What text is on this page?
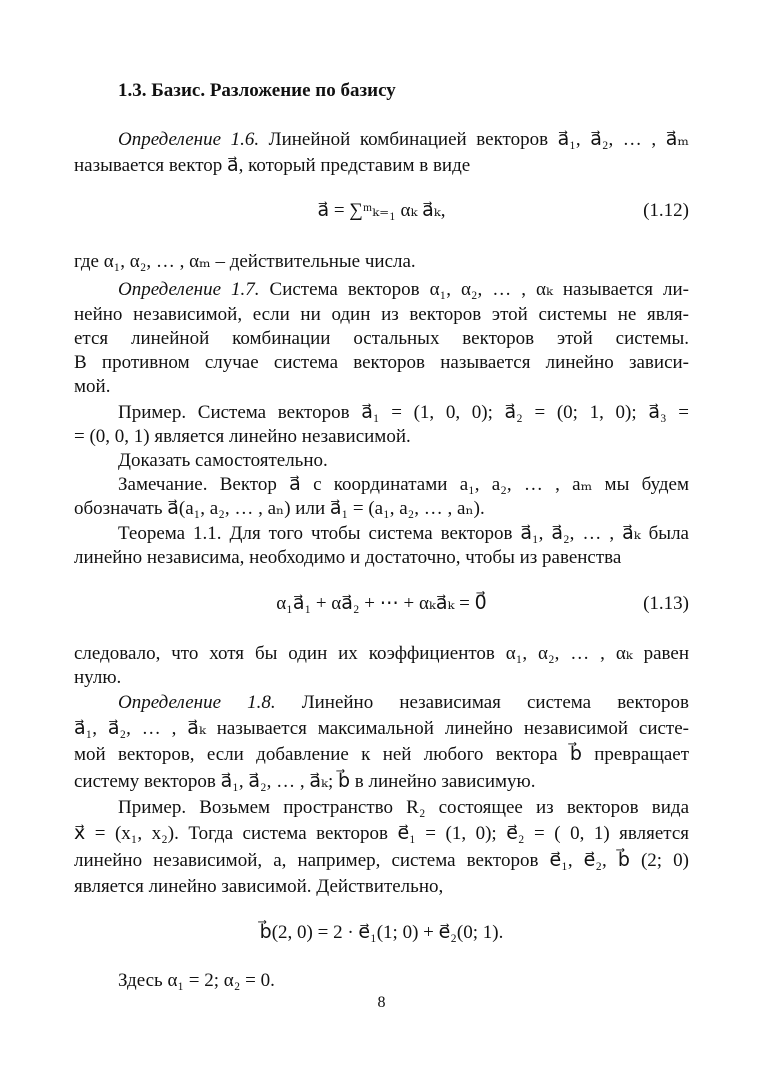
1.3. Базис. Разложение по базису
Определение 1.6. Линейной комбинацией векторов a⃗₁, a⃗₂, … , a⃗ₘ
называется вектор a⃗, который представим в виде
a⃗ = ∑ᵐₖ₌₁ αₖ a⃗ₖ,	(1.12)
где α₁, α₂, … , αₘ – действительные числа.
Определение 1.7. Система векторов α₁, α₂, … , αₖ называется ли-
нейно независимой, если ни один из векторов этой системы не явля-
ется линейной комбинации остальных векторов этой системы.
В противном случае система векторов называется линейно зависи-
мой.
Пример. Система векторов a⃗₁ = (1, 0, 0); a⃗₂ = (0; 1, 0); a⃗₃ =
= (0, 0, 1) является линейно независимой.
Доказать самостоятельно.
Замечание. Вектор a⃗ с координатами a₁, a₂, … , aₘ мы будем
обозначать a⃗(a₁, a₂, … , aₙ) или a⃗₁ = (a₁, a₂, … , aₙ).
Теорема 1.1. Для того чтобы система векторов a⃗₁, a⃗₂, … , a⃗ₖ была
линейно независима, необходимо и достаточно, чтобы из равенства
α₁a⃗₁ + αa⃗₂ + ⋯ + αₖa⃗ₖ = 0⃗	(1.13)
следовало, что хотя бы один их коэффициентов α₁, α₂, … , αₖ равен
нулю.
Определение 1.8. Линейно независимая система векторов
a⃗₁, a⃗₂, … , a⃗ₖ называется максимальной линейно независимой систе-
мой векторов, если добавление к ней любого вектора b⃗ превращает
систему векторов a⃗₁, a⃗₂, … , a⃗ₖ; b⃗ в линейно зависимую.
Пример. Возьмем пространство R₂ состоящее из векторов вида
x⃗ = (x₁, x₂). Тогда система векторов e⃗₁ = (1, 0); e⃗₂ = ( 0, 1) является
линейно независимой, а, например, система векторов e⃗₁, e⃗₂, b⃗ (2; 0)
является линейно зависимой. Действительно,
b⃗(2, 0) = 2 · e⃗₁(1; 0) + e⃗₂(0; 1).
Здесь α₁ = 2; α₂ = 0.
8
